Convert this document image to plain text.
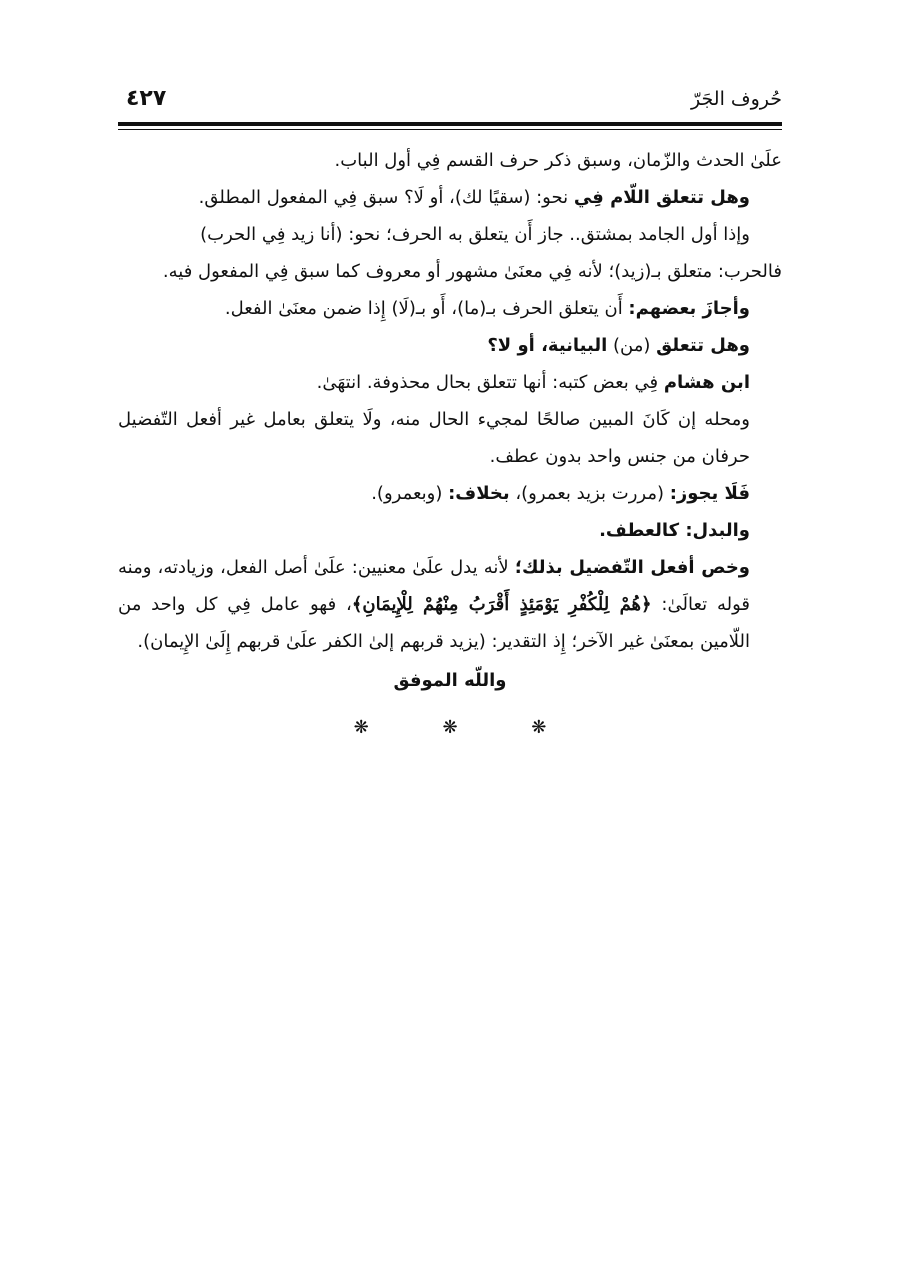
حُروف الجَرّ
٤٢٧

علَىٰ الحدث والزّمان، وسبق ذكر حرف القسم فِي أول الباب.

وهل تتعلق اللّام فِي نحو: (سقيًا لك)، أو لَا؟ سبق فِي المفعول المطلق.

وإذا أول الجامد بمشتق.. جاز أَن يتعلق به الحرف؛ نحو: (أنا زيد فِي الحرب)

فالحرب: متعلق بـ(زيد)؛ لأنه فِي معنَىٰ مشهور أو معروف كما سبق فِي المفعول فيه.

وأجازَ بعضهم: أَن يتعلق الحرف بـ(ما)، أَو بـ(لَا) إِذا ضمن معنَىٰ الفعل.

وهل تتعلق (من) البيانية، أو لا؟

ابن هشام فِي بعض كتبه: أنها تتعلق بحال محذوفة. انتهَىٰ.

ومحله إن كَانَ المبين صالحًا لمجيء الحال منه، ولَا يتعلق بعامل غير أفعل التّفضيل حرفان من جنس واحد بدون عطف.

فَلَا يجوز: (مررت بزيد بعمرو)، بخلاف: (وبعمرو).

والبدل: كالعطف.

وخص أفعل التّفضيل بذلك؛ لأنه يدل علَىٰ معنيين: علَىٰ أصل الفعل، وزيادته، ومنه قوله تعالَىٰ: ﴿هُمْ لِلْكُفْرِ يَوْمَئِذٍ أَقْرَبُ مِنْهُمْ لِلْإِيمَانِ﴾، فهو عامل فِي كل واحد من اللّامين بمعنَىٰ غير الآخر؛ إِذ التقدير: (يزيد قربهم إلىٰ الكفر علَىٰ قربهم إِلَىٰ الإِيمان).

واللّه الموفق

❋ ❋ ❋
